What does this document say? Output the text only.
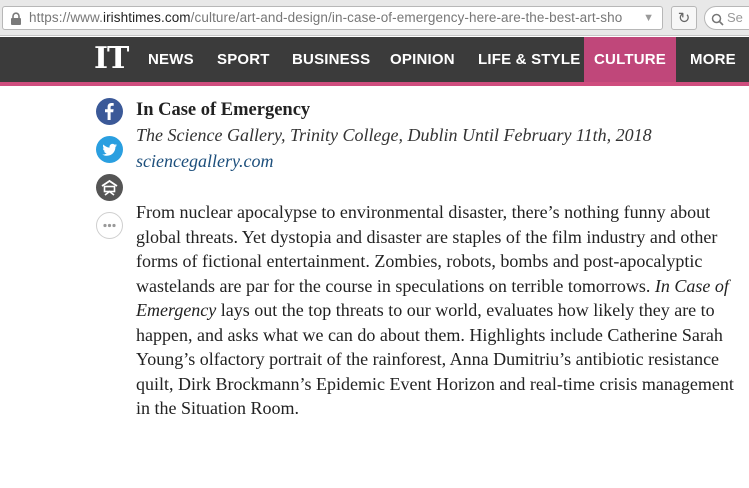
https://www.irishtimes.com/culture/art-and-design/in-case-of-emergency-here-are-the-best-art-sho ▼	↻	Se
IT NEWS SPORT BUSINESS OPINION LIFE & STYLE CULTURE	MORE

In Case of Emergency

The Science Gallery, Trinity College, Dublin Until February 11th, 2018

sciencegallery.com

From nuclear apocalypse to environmental disaster, there’s nothing funny about global threats. Yet dystopia and disaster are staples of the film industry and other forms of fictional entertainment. Zombies, robots, bombs and post-apocalyptic wastelands are par for the course in speculations on terrible tomorrows. In Case of Emergency lays out the top threats to our world, evaluates how likely they are to happen, and asks what we can do about them. Highlights include Catherine Sarah Young’s olfactory portrait of the rainforest, Anna Dumitriu’s antibiotic resistance quilt, Dirk Brockmann’s Epidemic Event Horizon and real-time crisis management in the Situation Room.
